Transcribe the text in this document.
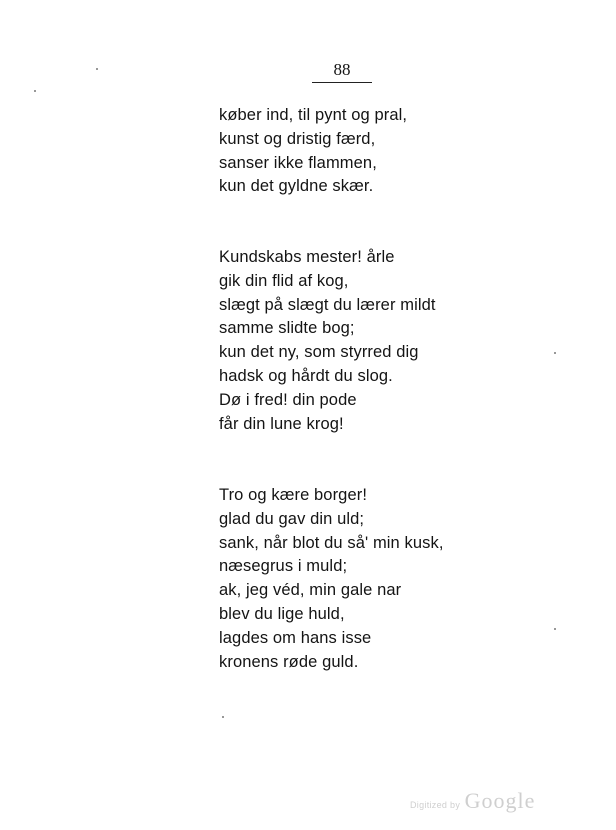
88
køber ind, til pynt og pral,
kunst og dristig færd,
sanser ikke flammen,
kun det gyldne skær.
Kundskabs mester! årle
gik din flid af kog,
slægt på slægt du lærer mildt
samme slidte bog;
kun det ny, som styrred dig
hadsk og hårdt du slog.
Dø i fred! din pode
får din lune krog!
Tro og kære borger!
glad du gav din uld;
sank, når blot du så' min kusk,
næsegrus i muld;
ak, jeg véd, min gale nar
blev du lige huld,
lagdes om hans isse
kronens røde guld.
Digitized by Google
